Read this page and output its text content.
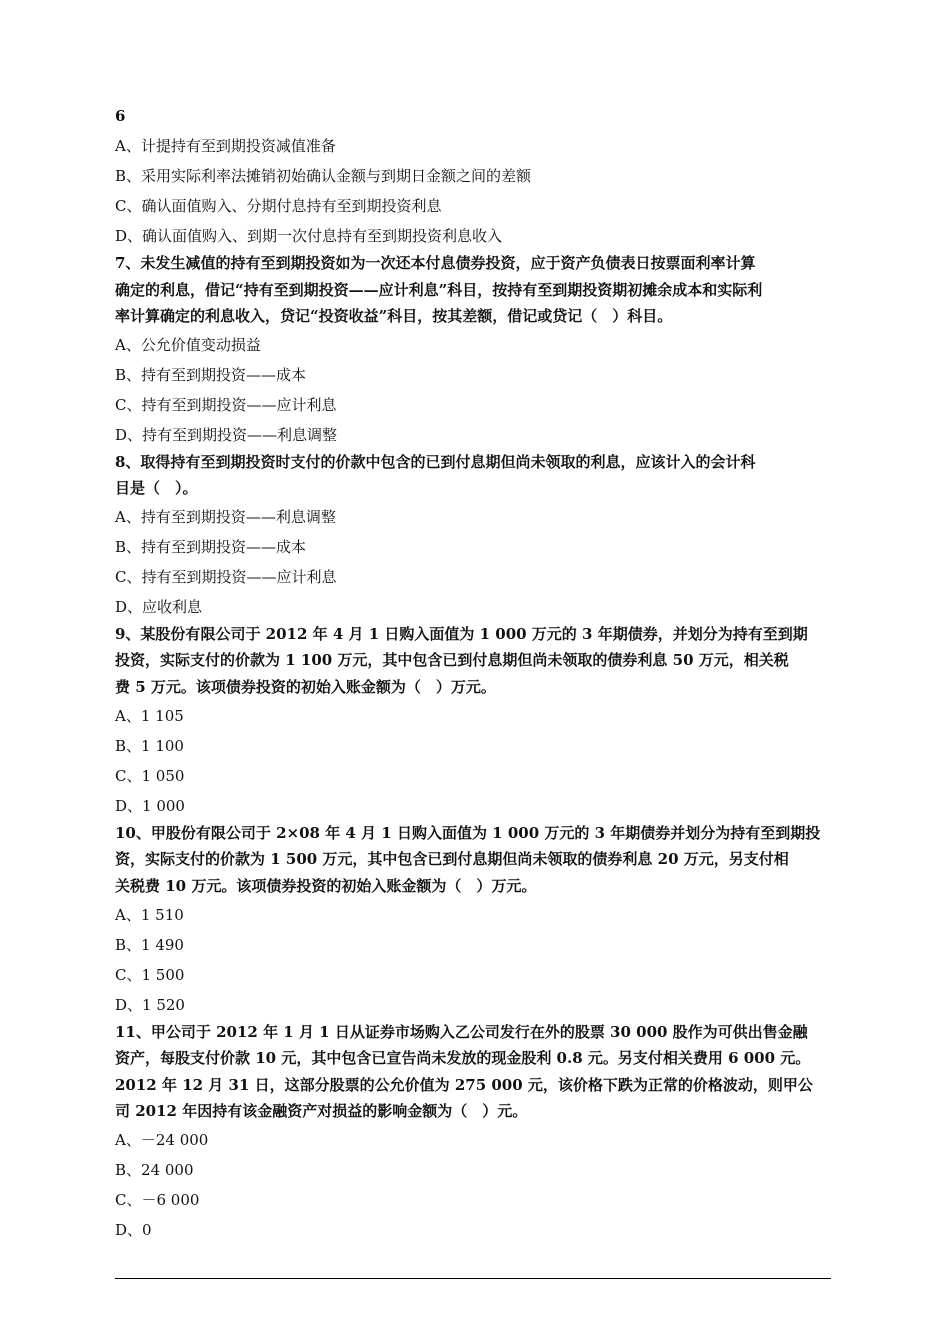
6
A、计提持有至到期投资减值准备
B、采用实际利率法摊销初始确认金额与到期日金额之间的差额
C、确认面值购入、分期付息持有至到期投资利息
D、确认面值购入、到期一次付息持有至到期投资利息收入
7、未发生减值的持有至到期投资如为一次还本付息债券投资，应于资产负债表日按票面利率计算
确定的利息，借记“持有至到期投资——应计利息”科目，按持有至到期投资期初摊余成本和实际利
率计算确定的利息收入，贷记“投资收益”科目，按其差额，借记或贷记（　）科目。
A、公允价值变动损益
B、持有至到期投资——成本
C、持有至到期投资——应计利息
D、持有至到期投资——利息调整
8、取得持有至到期投资时支付的价款中包含的已到付息期但尚未领取的利息，应该计入的会计科
目是（　）。
A、持有至到期投资——利息调整
B、持有至到期投资——成本
C、持有至到期投资——应计利息
D、应收利息
9、某股份有限公司于 2012 年 4 月 1 日购入面值为 1 000 万元的 3 年期债券，并划分为持有至到期
投资，实际支付的价款为 1 100 万元，其中包含已到付息期但尚未领取的债券利息 50 万元，相关税
费 5 万元。该项债券投资的初始入账金额为（　）万元。
A、1 105
B、1 100
C、1 050
D、1 000
10、甲股份有限公司于 2×08 年 4 月 1 日购入面值为 1 000 万元的 3 年期债券并划分为持有至到期投
资，实际支付的价款为 1 500 万元，其中包含已到付息期但尚未领取的债券利息 20 万元，另支付相
关税费 10 万元。该项债券投资的初始入账金额为（　）万元。
A、1 510
B、1 490
C、1 500
D、1 520
11、甲公司于 2012 年 1 月 1 日从证券市场购入乙公司发行在外的股票 30 000 股作为可供出售金融
资产，每股支付价款 10 元，其中包含已宣告尚未发放的现金股利 0.8 元。另支付相关费用 6 000 元。
2012 年 12 月 31 日，这部分股票的公允价值为 275 000 元，该价格下跌为正常的价格波动，则甲公
司 2012 年因持有该金融资产对损益的影响金额为（　）元。
A、－24 000
B、24 000
C、－6 000
D、0
